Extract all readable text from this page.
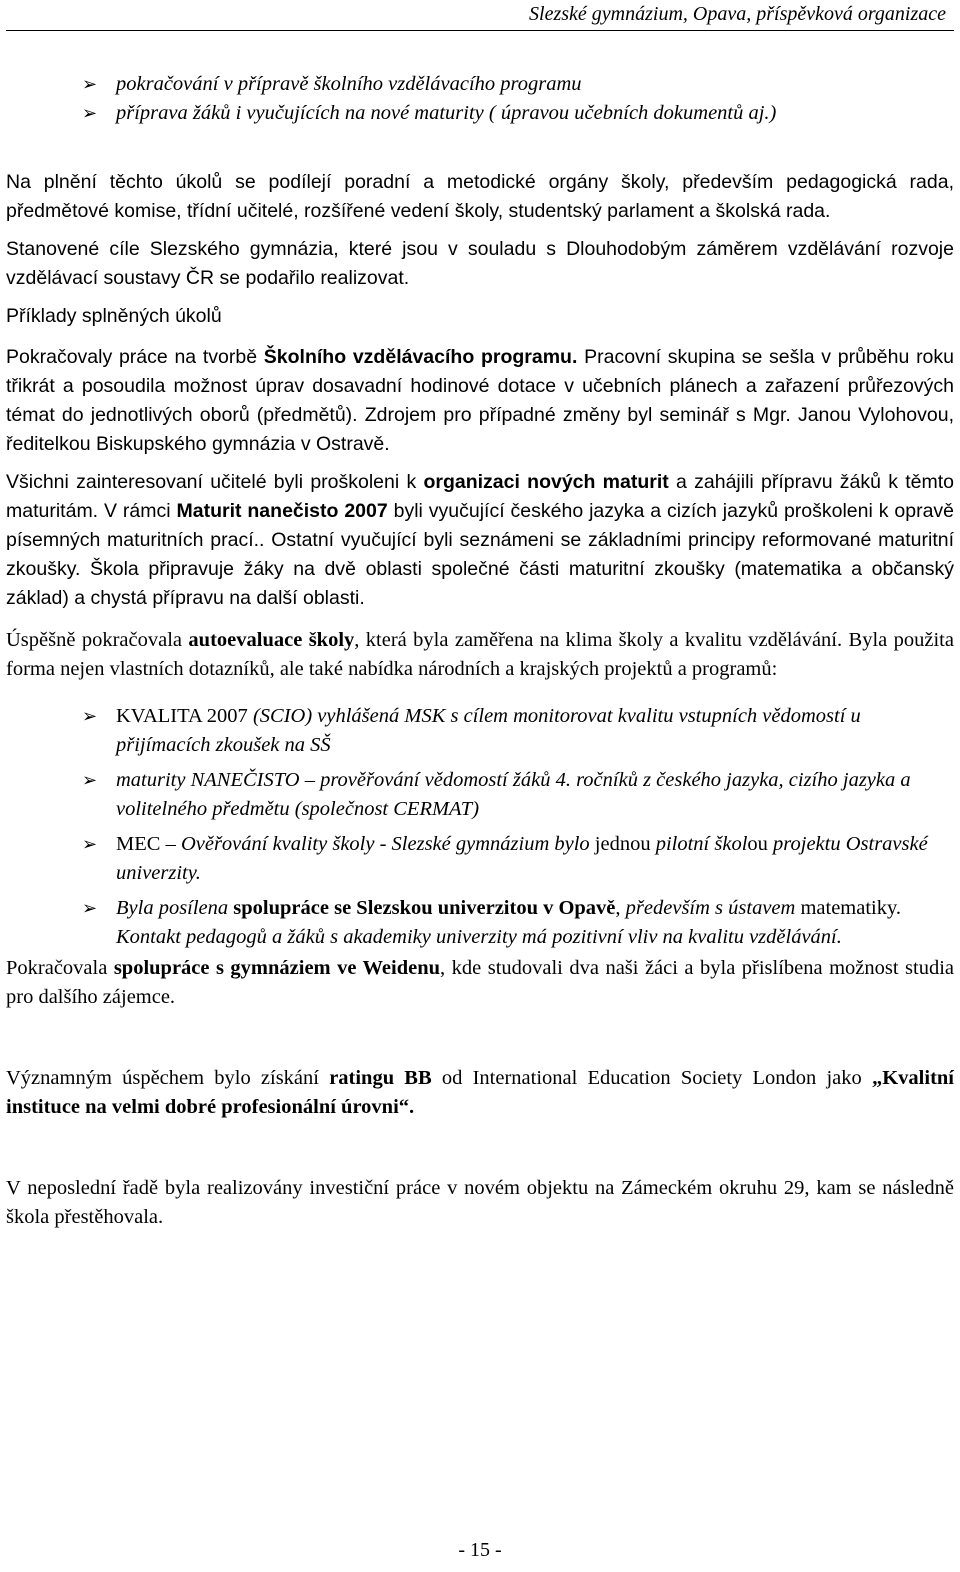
Slezské gymnázium, Opava, příspěvková organizace
➢ pokračování v přípravě školního vzdělávacího programu
➢ příprava žáků i vyučujících na nové maturity ( úpravou učebních dokumentů aj.)

Na plnění těchto úkolů se podílejí poradní a metodické orgány školy, především pedagogická rada, předmětové komise, třídní učitelé, rozšířené vedení školy, studentský parlament a školská rada.

Stanovené cíle Slezského gymnázia, které jsou v souladu s Dlouhodobým záměrem vzdělávání rozvoje vzdělávací soustavy ČR se podařilo realizovat.

Příklady splněných úkolů

Pokračovaly práce na tvorbě Školního vzdělávacího programu. Pracovní skupina se sešla v průběhu roku třikrát a posoudila možnost úprav dosavadní hodinové dotace v učebních plánech a zařazení průřezových témat do jednotlivých oborů (předmětů). Zdrojem pro případné změny byl seminář s Mgr. Janou Vylohovou, ředitelkou Biskupského gymnázia v Ostravě.

Všichni zainteresovaní učitelé byli proškoleni k organizaci nových maturit a zahájili přípravu žáků k těmto maturitám. V rámci Maturit nanečisto 2007 byli vyučující českého jazyka a cizích jazyků proškoleni k opravě písemných maturitních prací.. Ostatní vyučující byli seznámeni se základními principy reformované maturitní zkoušky. Škola připravuje žáky na dvě oblasti společné části maturitní zkoušky (matematika a občanský základ) a chystá přípravu na další oblasti.

Úspěšně pokračovala autoevaluace školy, která byla zaměřena na klima školy a kvalitu vzdělávání. Byla použita forma nejen vlastních dotazníků, ale také nabídka národních a krajských projektů a programů:

➢ KVALITA 2007 (SCIO) vyhlášená MSK s cílem monitorovat kvalitu vstupních vědomostí u přijímacích zkoušek na SŠ
➢ maturity NANEČISTO – prověřování vědomostí žáků 4. ročníků z českého jazyka, cizího jazyka a volitelného předmětu (společnost CERMAT)
➢ MEC – Ověřování kvality školy - Slezské gymnázium bylo jednou pilotní školou projektu Ostravské univerzity.
➢ Byla posílena spolupráce se Slezskou univerzitou v Opavě, především s ústavem matematiky. Kontakt pedagogů a žáků s akademiky univerzity má pozitivní vliv na kvalitu vzdělávání.

Pokračovala spolupráce s gymnáziem ve Weidenu, kde studovali dva naši žáci a byla přislíbena možnost studia pro dalšího zájemce.

Významným úspěchem bylo získání ratingu BB od International Education Society London jako „Kvalitní instituce na velmi dobré profesionální úrovni“.

V neposlední řadě byla realizovány investiční práce v novém objektu na Zámeckém okruhu 29, kam se následně škola přestěhovala.

- 15 -
